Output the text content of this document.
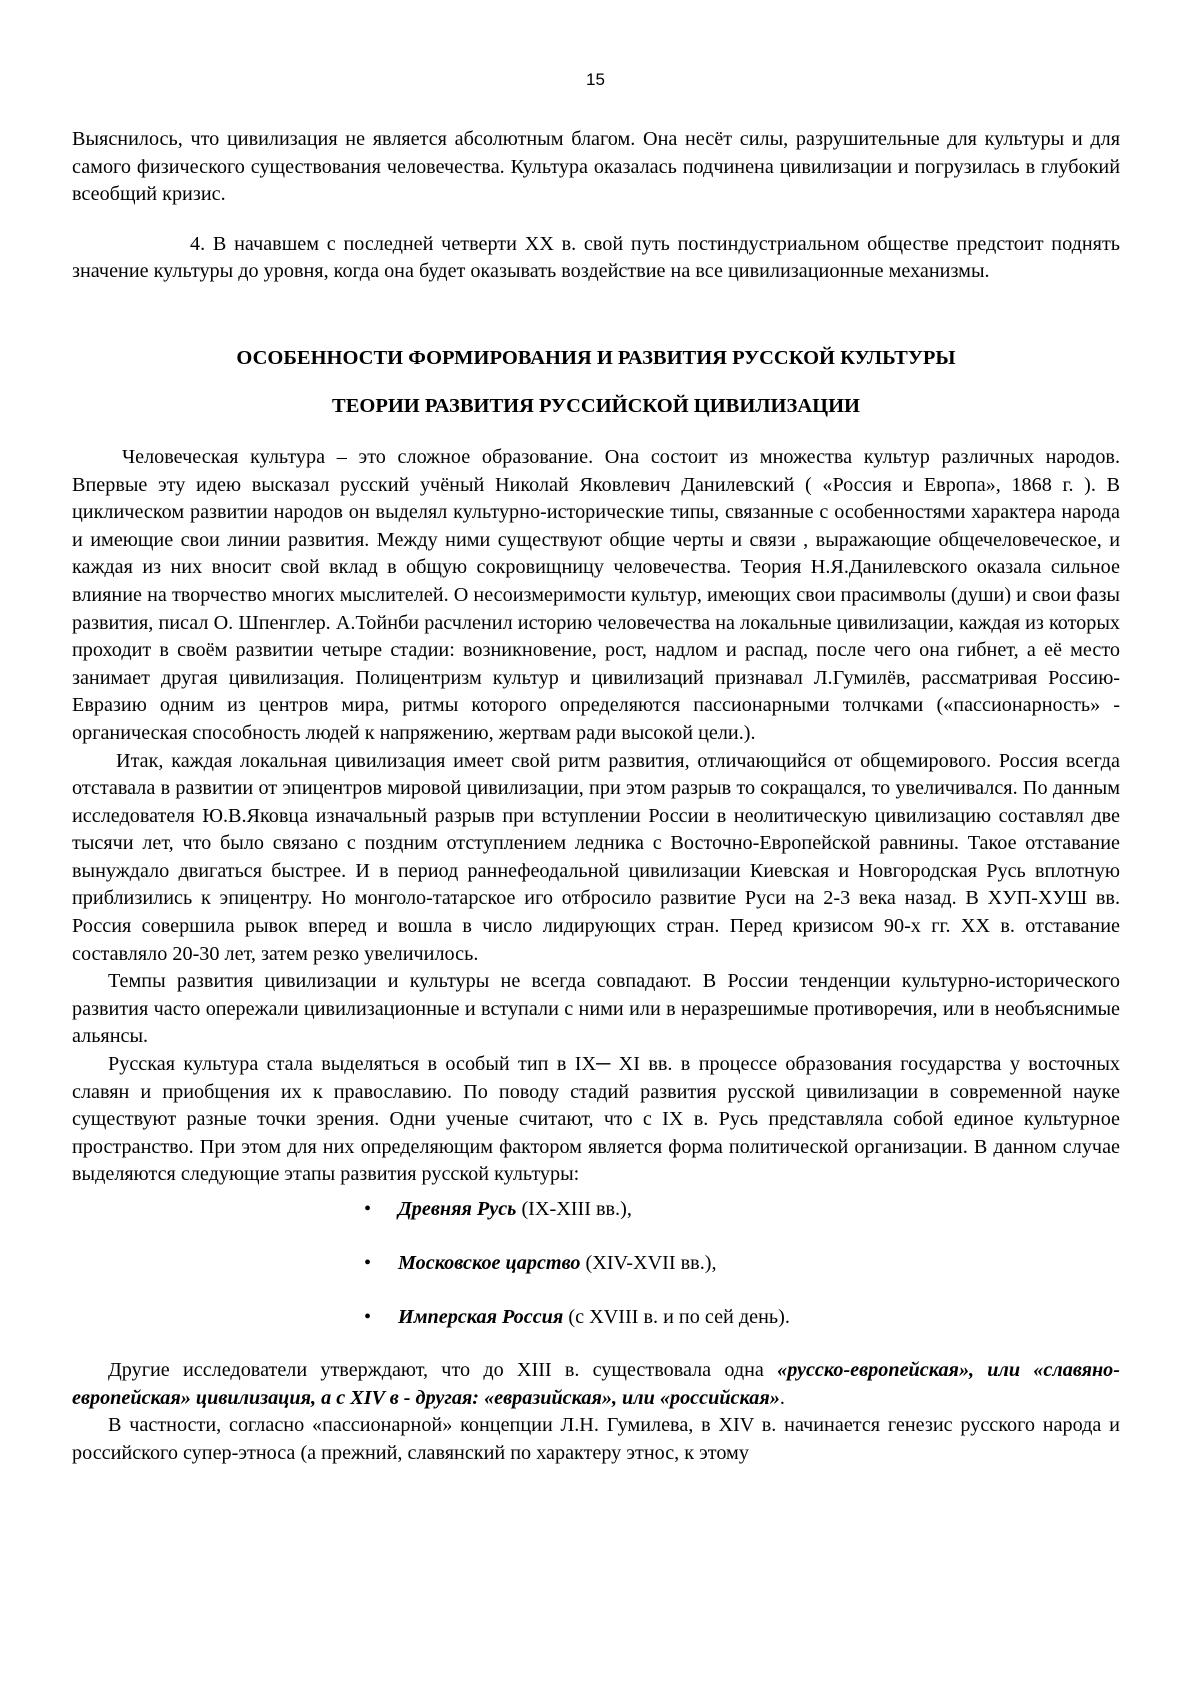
15

Выяснилось, что цивилизация не является абсолютным благом. Она несёт силы, разрушительные для культуры и для самого физического существования человечества. Культура оказалась подчинена цивилизации и погрузилась в глубокий всеобщий кризис.

4. В начавшем с последней четверти XX в. свой путь постиндустриальном обществе предстоит поднять значение культуры до уровня, когда она будет оказывать воздействие на все цивилизационные механизмы.

ОСОБЕННОСТИ ФОРМИРОВАНИЯ И РАЗВИТИЯ РУССКОЙ КУЛЬТУРЫ
ТЕОРИИ РАЗВИТИЯ РУССИЙСКОЙ ЦИВИЛИЗАЦИИ

Человеческая культура – это сложное образование. Она состоит из множества культур различных народов. Впервые эту идею высказал русский учёный Николай Яковлевич Данилевский ( «Россия и Европа», 1868 г. ). В циклическом развитии народов он выделял культурно-исторические типы, связанные с особенностями характера народа и имеющие свои линии развития. Между ними существуют общие черты и связи , выражающие общечеловеческое, и каждая из них вносит свой вклад в общую сокровищницу человечества. Теория Н.Я.Данилевского оказала сильное влияние на творчество многих мыслителей. О несоизмеримости культур, имеющих свои прасимволы (души) и свои фазы развития, писал О. Шпенглер. А.Тойнби расчленил историю человечества на локальные цивилизации, каждая из которых проходит в своём развитии четыре стадии: возникновение, рост, надлом и распад, после чего она гибнет, а её место занимает другая цивилизация. Полицентризм культур и цивилизаций признавал Л.Гумилёв, рассматривая Россию-Евразию одним из центров мира, ритмы которого определяются пассионарными толчками («пассионарность» - органическая способность людей к напряжению, жертвам ради высокой цели.).

Итак, каждая локальная цивилизация имеет свой ритм развития, отличающийся от общемирового. Россия всегда отставала в развитии от эпицентров мировой цивилизации, при этом разрыв то сокращался, то увеличивался. По данным исследователя Ю.В.Яковца изначальный разрыв при вступлении России в неолитическую цивилизацию составлял две тысячи лет, что было связано с поздним отступлением ледника с Восточно-Европейской равнины. Такое отставание вынуждало двигаться быстрее. И в период раннефеодальной цивилизации Киевская и Новгородская Русь вплотную приблизились к эпицентру. Но монголо-татарское иго отбросило развитие Руси на 2-3 века назад. В ХУП-ХУШ вв. Россия совершила рывок вперед и вошла в число лидирующих стран. Перед кризисом 90-х гг. XX в. отставание составляло 20-30 лет, затем резко увеличилось.

Темпы развития цивилизации и культуры не всегда совпадают. В России тенденции культурно-исторического развития часто опережали цивилизационные и вступали с ними или в неразрешимые противоречия, или в необъяснимые альянсы.

Русская культура стала выделяться в особый тип в IX─ XI вв. в процессе образования государства у восточных славян и приобщения их к православию. По поводу стадий развития русской цивилизации в современной науке существуют разные точки зрения. Одни ученые считают, что с IX в. Русь представляла собой единое культурное пространство. При этом для них определяющим фактором является форма политической организации. В данном случае выделяются следующие этапы развития русской культуры:

• Древняя Русь (IX-XIII вв.),
• Московское царство (XIV-XVII вв.),
• Имперская Россия (с XVIII в. и по сей день).

Другие исследователи утверждают, что до XIII в. существовала одна «русско-европейская», или «славяно-европейская» цивилизация, а с XIV в - другая: «евразийская», или «российская».

В частности, согласно «пассионарной» концепции Л.Н. Гумилева, в XIV в. начинается генезис русского народа и российского супер-этноса (а прежний, славянский по характеру этнос, к этому
